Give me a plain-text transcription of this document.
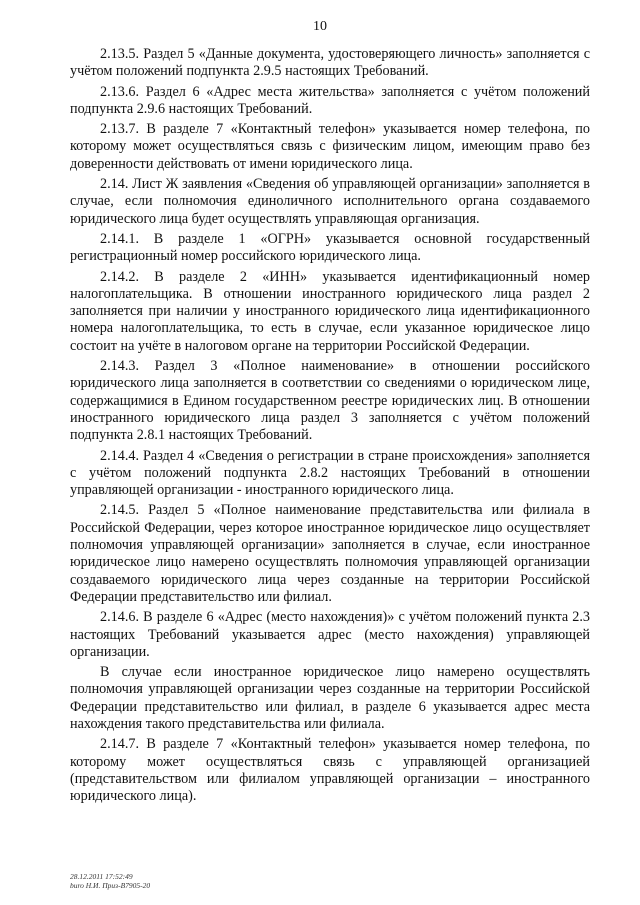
10

2.13.5. Раздел 5 «Данные документа, удостоверяющего личность» заполняется с учётом положений подпункта 2.9.5 настоящих Требований.

2.13.6. Раздел 6 «Адрес места жительства» заполняется с учётом положений подпункта 2.9.6 настоящих Требований.

2.13.7. В разделе 7 «Контактный телефон» указывается номер телефона, по которому может осуществляться связь с физическим лицом, имеющим право без доверенности действовать от имени юридического лица.

2.14. Лист Ж заявления «Сведения об управляющей организации» заполняется в случае, если полномочия единоличного исполнительного органа создаваемого юридического лица будет осуществлять управляющая организация.

2.14.1. В разделе 1 «ОГРН» указывается основной государственный регистрационный номер российского юридического лица.

2.14.2. В разделе 2 «ИНН» указывается идентификационный номер налогоплательщика. В отношении иностранного юридического лица раздел 2 заполняется при наличии у иностранного юридического лица идентификационного номера налогоплательщика, то есть в случае, если указанное юридическое лицо состоит на учёте в налоговом органе на территории Российской Федерации.

2.14.3. Раздел 3 «Полное наименование» в отношении российского юридического лица заполняется в соответствии со сведениями о юридическом лице, содержащимися в Едином государственном реестре юридических лиц. В отношении иностранного юридического лица раздел 3 заполняется с учётом положений подпункта 2.8.1 настоящих Требований.

2.14.4. Раздел 4 «Сведения о регистрации в стране происхождения» заполняется с учётом положений подпункта 2.8.2 настоящих Требований в отношении управляющей организации - иностранного юридического лица.

2.14.5. Раздел 5 «Полное наименование представительства или филиала в Российской Федерации, через которое иностранное юридическое лицо осуществляет полномочия управляющей организации» заполняется в случае, если иностранное юридическое лицо намерено осуществлять полномочия управляющей организации создаваемого юридического лица через созданные на территории Российской Федерации представительство или филиал.

2.14.6. В разделе 6 «Адрес (место нахождения)» с учётом положений пункта 2.3 настоящих Требований указывается адрес (место нахождения) управляющей организации.

В случае если иностранное юридическое лицо намерено осуществлять полномочия управляющей организации через созданные на территории Российской Федерации представительство или филиал, в разделе 6 указывается адрес места нахождения такого представительства или филиала.

2.14.7. В разделе 7 «Контактный телефон» указывается номер телефона, по которому может осуществляться связь с управляющей организацией (представительством или филиалом управляющей организации – иностранного юридического лица).

28.12.2011 17:52:49
buro Н.И. Приз-В7905-20
